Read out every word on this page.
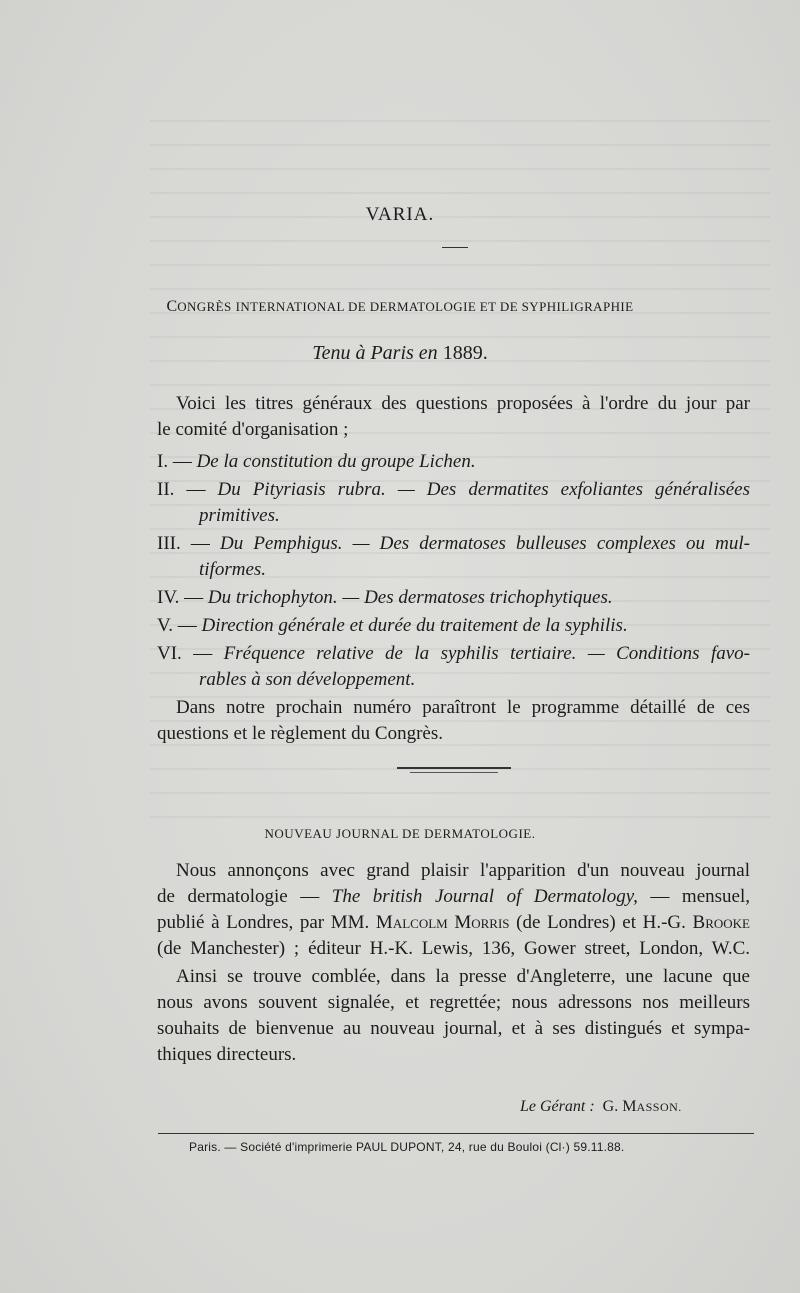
VARIA.
CONGRÈS INTERNATIONAL DE DERMATOLOGIE ET DE SYPHILIGRAPHIE
Tenu à Paris en 1889.
Voici les titres généraux des questions proposées à l'ordre du jour par
le comité d'organisation ;
I. — De la constitution du groupe Lichen.
II. — Du Pityriasis rubra. — Des dermatites exfoliantes généralisées
primitives.
III. — Du Pemphigus. — Des dermatoses bulleuses complexes ou mul-
tiformes.
IV. — Du trichophyton. — Des dermatoses trichophytiques.
V. — Direction générale et durée du traitement de la syphilis.
VI. — Fréquence relative de la syphilis tertiaire. — Conditions favo-
rables à son développement.
Dans notre prochain numéro paraîtront le programme détaillé de ces
questions et le règlement du Congrès.
NOUVEAU JOURNAL DE DERMATOLOGIE.
Nous annonçons avec grand plaisir l'apparition d'un nouveau journal
de dermatologie — The british Journal of Dermatology, — mensuel,
publié à Londres, par MM. Malcolm Morris (de Londres) et H.-G. Brooke
(de Manchester) ; éditeur H.-K. Lewis, 136, Gower street, London, W.C.
Ainsi se trouve comblée, dans la presse d'Angleterre, une lacune que
nous avons souvent signalée, et regrettée; nous adressons nos meilleurs
souhaits de bienvenue au nouveau journal, et à ses distingués et sympa-
thiques directeurs.
Le Gérant : G. MASSON.
Paris. — Société d'imprimerie PAUL DUPONT, 24, rue du Bouloi (Cl·) 59.11.88.
